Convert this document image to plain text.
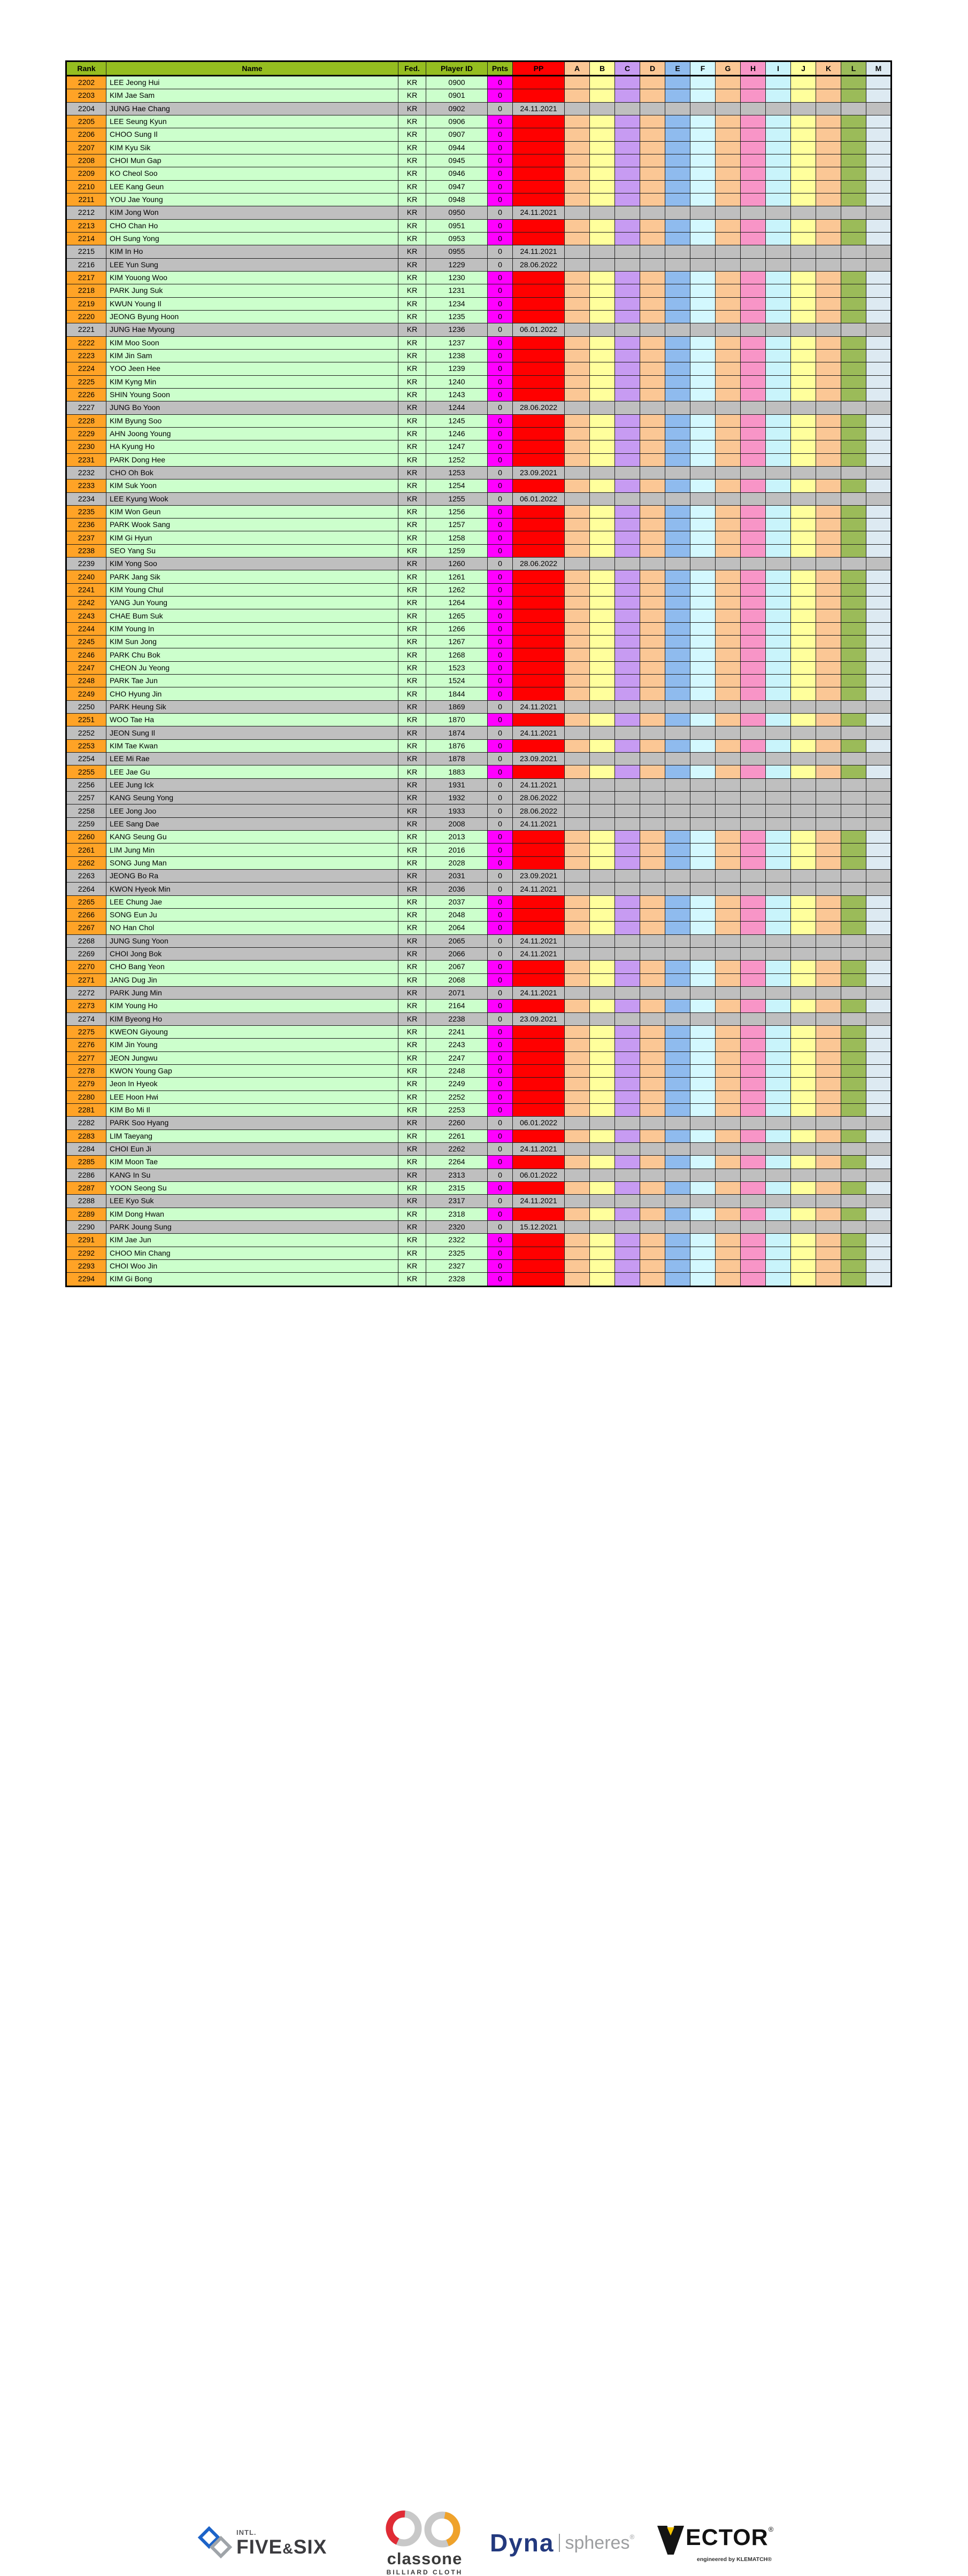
Rank	Name	Fed.	Player ID	Pnts	PP	A	B	C	D	E	F	G	H	I	J	K	L	M
2202	LEE Jeong Hui	KR	0900	0														
2203	KIM Jae Sam	KR	0901	0														
2204	JUNG Hae Chang	KR	0902	0	24.11.2021													
2205	LEE Seung Kyun	KR	0906	0														
2206	CHOO Sung Il	KR	0907	0														
2207	KIM Kyu Sik	KR	0944	0														
2208	CHOI Mun Gap	KR	0945	0														
2209	KO Cheol Soo	KR	0946	0														
2210	LEE Kang Geun	KR	0947	0														
2211	YOU Jae Young	KR	0948	0														
2212	KIM Jong Won	KR	0950	0	24.11.2021													
2213	CHO Chan Ho	KR	0951	0														
2214	OH Sung Yong	KR	0953	0														
2215	KIM In Ho	KR	0955	0	24.11.2021													
2216	LEE Yun Sung	KR	1229	0	28.06.2022													
2217	KIM Youong Woo	KR	1230	0														
2218	PARK Jung Suk	KR	1231	0														
2219	KWUN Young Il	KR	1234	0														
2220	JEONG Byung Hoon	KR	1235	0														
2221	JUNG Hae Myoung	KR	1236	0	06.01.2022													
2222	KIM Moo Soon	KR	1237	0														
2223	KIM Jin Sam	KR	1238	0														
2224	YOO Jeen Hee	KR	1239	0														
2225	KIM Kyng Min	KR	1240	0														
2226	SHIN Young Soon	KR	1243	0														
2227	JUNG Bo Yoon	KR	1244	0	28.06.2022													
2228	KIM Byung Soo	KR	1245	0														
2229	AHN Joong Young	KR	1246	0														
2230	HA Kyung Ho	KR	1247	0														
2231	PARK Dong Hee	KR	1252	0														
2232	CHO Oh Bok	KR	1253	0	23.09.2021													
2233	KIM Suk Yoon	KR	1254	0														
2234	LEE Kyung Wook	KR	1255	0	06.01.2022													
2235	KIM Won Geun	KR	1256	0														
2236	PARK Wook Sang	KR	1257	0														
2237	KIM Gi Hyun	KR	1258	0														
2238	SEO Yang Su	KR	1259	0														
2239	KIM Yong Soo	KR	1260	0	28.06.2022													
2240	PARK Jang Sik	KR	1261	0														
2241	KIM Young Chul	KR	1262	0														
2242	YANG Jun Young	KR	1264	0														
2243	CHAE Bum Suk	KR	1265	0														
2244	KIM Young In	KR	1266	0														
2245	KIM Sun Jong	KR	1267	0														
2246	PARK Chu Bok	KR	1268	0														
2247	CHEON Ju Yeong	KR	1523	0														
2248	PARK Tae Jun	KR	1524	0														
2249	CHO Hyung Jin	KR	1844	0														
2250	PARK Heung Sik	KR	1869	0	24.11.2021													
2251	WOO Tae Ha	KR	1870	0														
2252	JEON Sung Il	KR	1874	0	24.11.2021													
2253	KIM Tae Kwan	KR	1876	0														
2254	LEE Mi Rae	KR	1878	0	23.09.2021													
2255	LEE Jae Gu	KR	1883	0														
2256	LEE Jung Ick	KR	1931	0	24.11.2021													
2257	KANG Seung Yong	KR	1932	0	28.06.2022													
2258	LEE Jong Joo	KR	1933	0	28.06.2022													
2259	LEE Sang Dae	KR	2008	0	24.11.2021													
2260	KANG Seung Gu	KR	2013	0														
2261	LIM Jung Min	KR	2016	0														
2262	SONG Jung Man	KR	2028	0														
2263	JEONG Bo Ra	KR	2031	0	23.09.2021													
2264	KWON Hyeok Min	KR	2036	0	24.11.2021													
2265	LEE Chung Jae	KR	2037	0														
2266	SONG Eun Ju	KR	2048	0														
2267	NO Han Chol	KR	2064	0														
2268	JUNG Sung Yoon	KR	2065	0	24.11.2021													
2269	CHOI Jong Bok	KR	2066	0	24.11.2021													
2270	CHO Bang Yeon	KR	2067	0														
2271	JANG Dug Jin	KR	2068	0														
2272	PARK Jung Min	KR	2071	0	24.11.2021													
2273	KIM Young Ho	KR	2164	0														
2274	KIM Byeong Ho	KR	2238	0	23.09.2021													
2275	KWEON Giyoung	KR	2241	0														
2276	KIM Jin Young	KR	2243	0														
2277	JEON Jungwu	KR	2247	0														
2278	KWON Young Gap	KR	2248	0														
2279	Jeon In Hyeok	KR	2249	0														
2280	LEE Hoon Hwi	KR	2252	0														
2281	KIM Bo Mi Il	KR	2253	0														
2282	PARK Soo Hyang	KR	2260	0	06.01.2022													
2283	LIM Taeyang	KR	2261	0														
2284	CHOI Eun Ji	KR	2262	0	24.11.2021													
2285	KIM Moon Tae	KR	2264	0														
2286	KANG In Su	KR	2313	0	06.01.2022													
2287	YOON Seong Su	KR	2315	0														
2288	LEE Kyo Suk	KR	2317	0	24.11.2021													
2289	KIM Dong Hwan	KR	2318	0														
2290	PARK Joung Sung	KR	2320	0	15.12.2021													
2291	KIM Jae Jun	KR	2322	0														
2292	CHOO Min Chang	KR	2325	0														
2293	CHOI Woo Jin	KR	2327	0														
2294	KIM Gi Bong	KR	2328	0														
INTL.
FIVE&SIX
classone
BILLIARD CLOTH
Dyna spheres® ECTOR ®
engineered by KLEMATCH®
